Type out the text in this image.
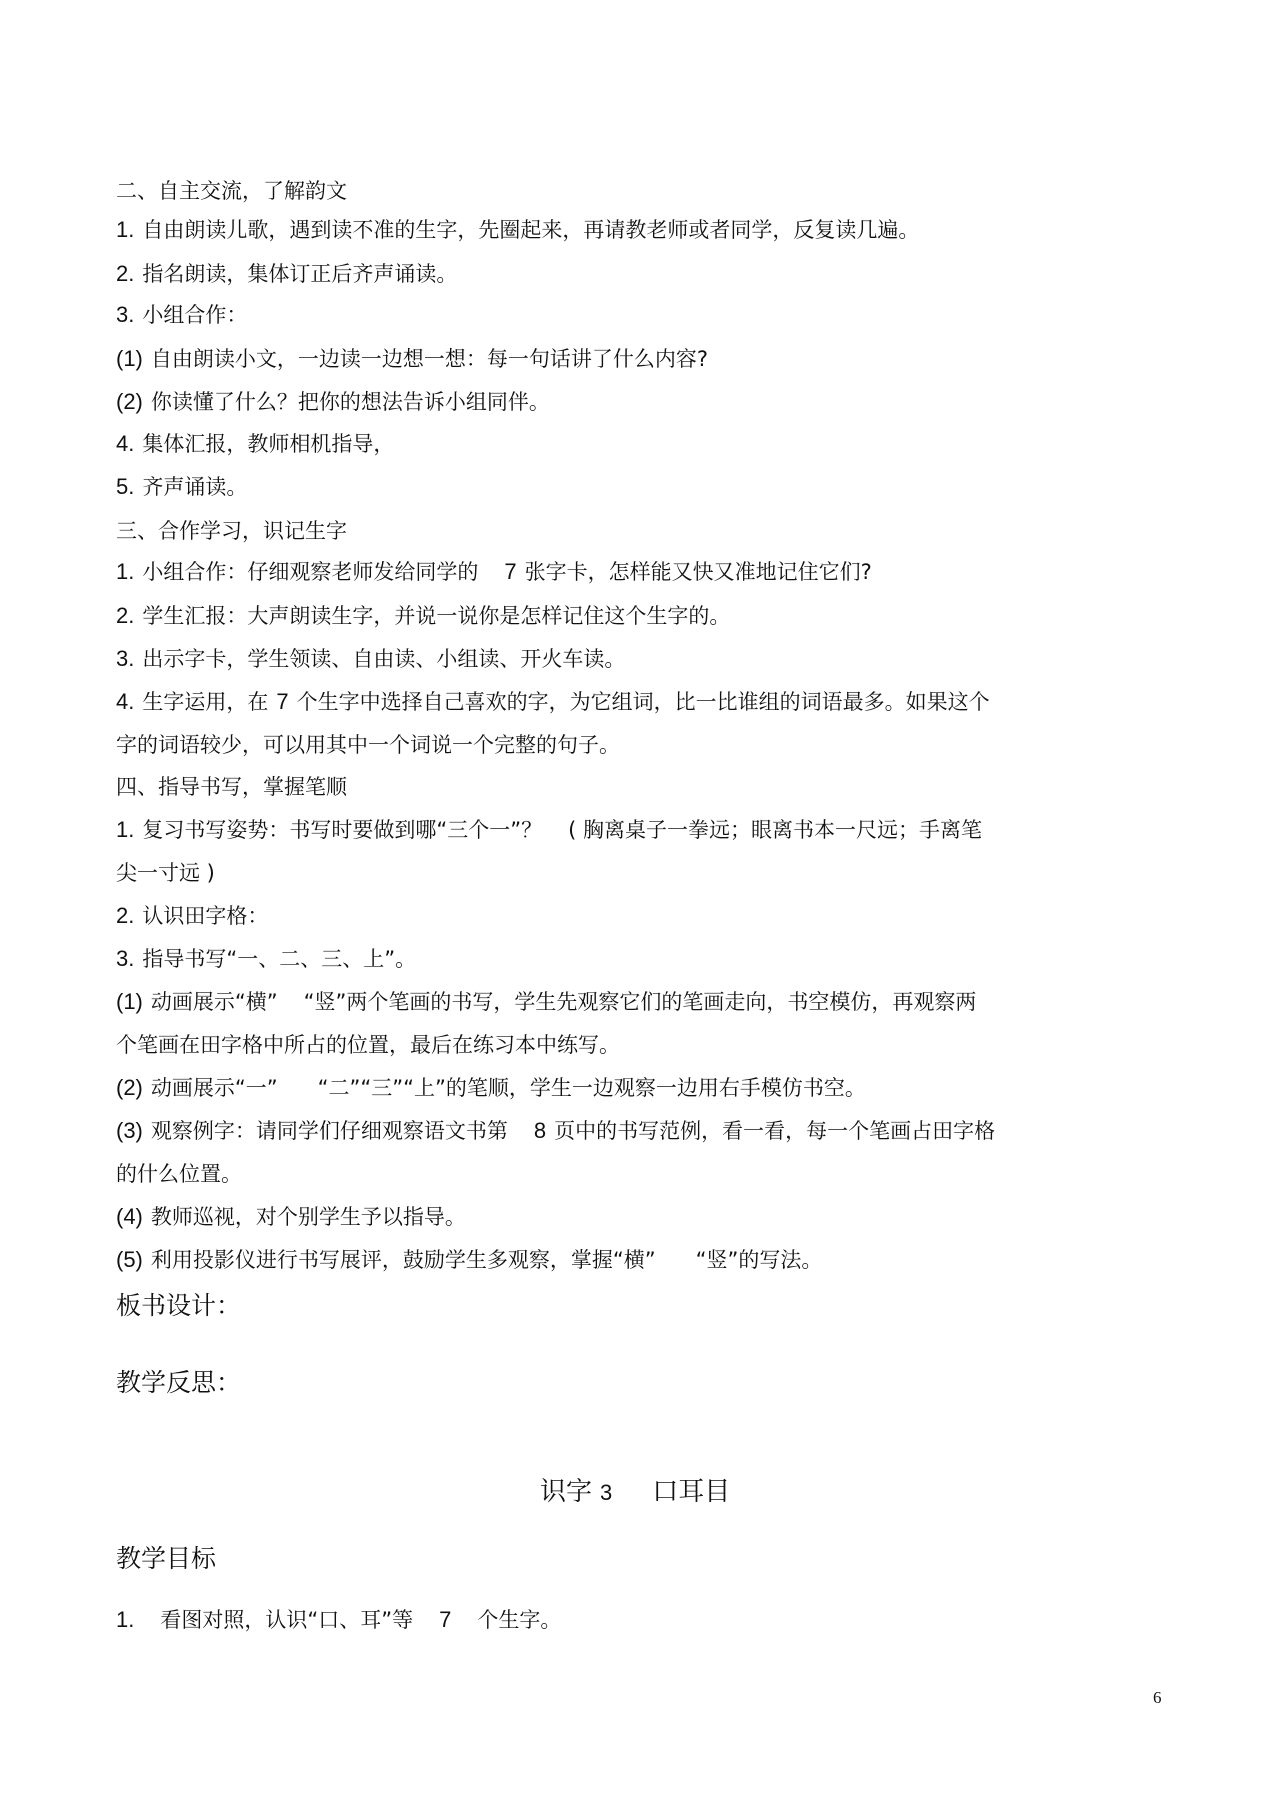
二、自主交流，了解韵文
1. 自由朗读儿歌，遇到读不准的生字，先圈起来，再请教老师或者同学，反复读几遍。
2. 指名朗读，集体订正后齐声诵读。
3. 小组合作：
(1) 自由朗读小文，一边读一边想一想：每一句话讲了什么内容?
(2) 你读懂了什么？把你的想法告诉小组同伴。
4. 集体汇报，教师相机指导，
5. 齐声诵读。
三、合作学习，识记生字
1. 小组合作：仔细观察老师发给同学的 7 张字卡，怎样能又快又准地记住它们?
2. 学生汇报：大声朗读生字，并说一说你是怎样记住这个生字的。
3. 出示字卡，学生领读、自由读、小组读、开火车读。
4. 生字运用，在 7 个生字中选择自己喜欢的字，为它组词，比一比谁组的词语最多。如果这个
字的词语较少，可以用其中一个词说一个完整的句子。
四、指导书写，掌握笔顺
1. 复习书写姿势：书写时要做到哪“三个一”？ ( 胸离桌子一拳远；眼离书本一尺远；手离笔
尖一寸远 )
2. 认识田字格：
3. 指导书写“一、二、三、上”。
(1) 动画展示“横” “竖”两个笔画的书写，学生先观察它们的笔画走向，书空模仿，再观察两
个笔画在田字格中所占的位置，最后在练习本中练写。
(2) 动画展示“一” “二”“三”“上”的笔顺，学生一边观察一边用右手模仿书空。
(3) 观察例字：请同学们仔细观察语文书第 8 页中的书写范例，看一看，每一个笔画占田字格
的什么位置。
(4) 教师巡视，对个别学生予以指导。
(5) 利用投影仪进行书写展评，鼓励学生多观察，掌握“横” “竖”的写法。
板书设计：
教学反思：
识字 3 口耳目
教学目标
1. 看图对照，认识“口、耳”等 7 个生字。
6
